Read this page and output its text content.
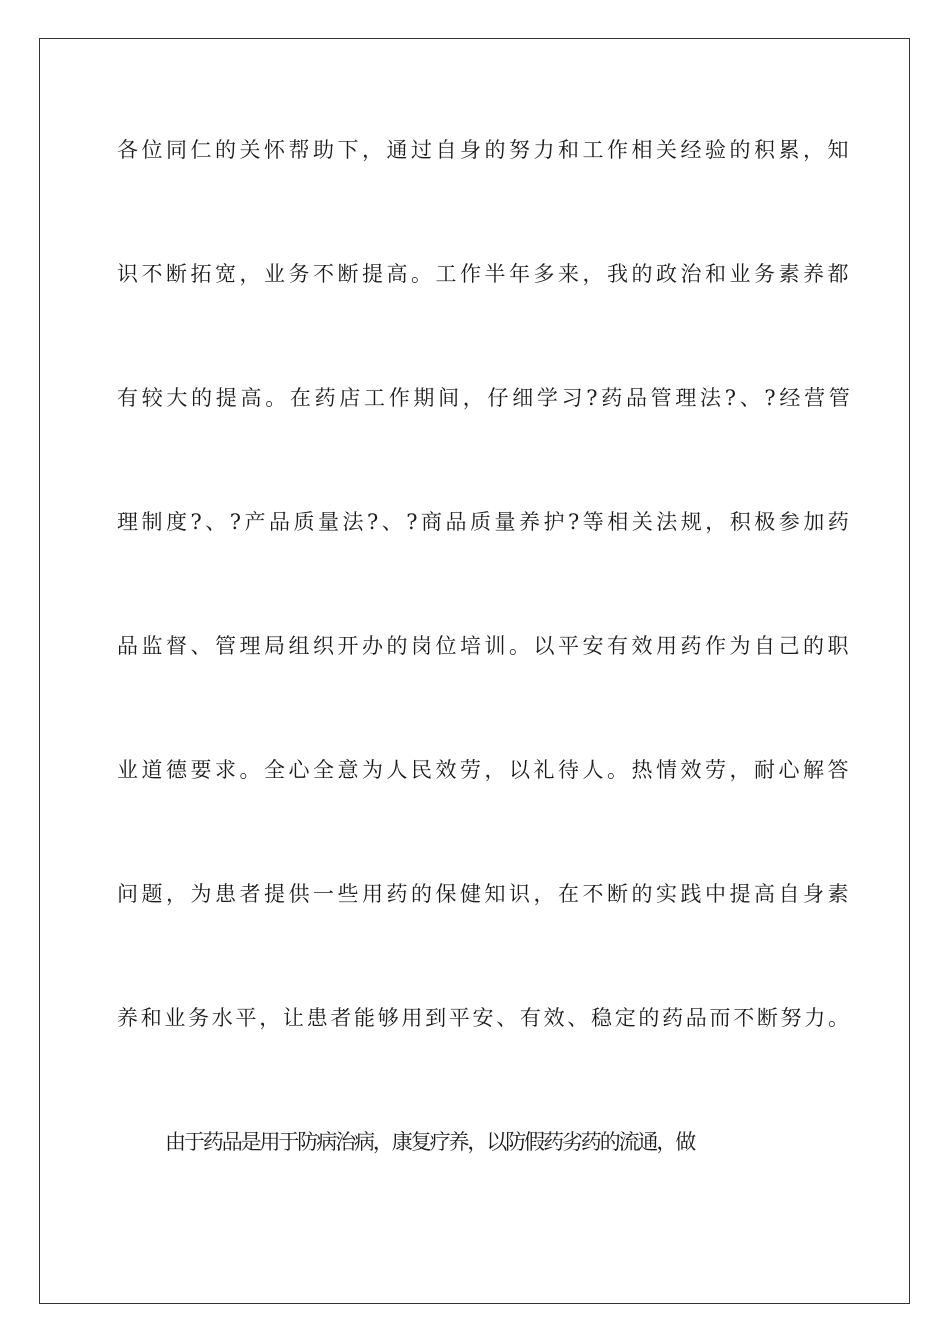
各位同仁的关怀帮助下，通过自身的努力和工作相关经验的积累，知
识不断拓宽，业务不断提高。工作半年多来，我的政治和业务素养都
有较大的提高。在药店工作期间，仔细学习?药品管理法?、?经营管
理制度?、?产品质量法?、?商品质量养护?等相关法规，积极参加药
品监督、管理局组织开办的岗位培训。以平安有效用药作为自己的职
业道德要求。全心全意为人民效劳，以礼待人。热情效劳，耐心解答
问题，为患者提供一些用药的保健知识，在不断的实践中提高自身素
养和业务水平，让患者能够用到平安、有效、稳定的药品而不断努力。
由于药品是用于防病治病，康复疗养，以防假药劣药的流通，做
